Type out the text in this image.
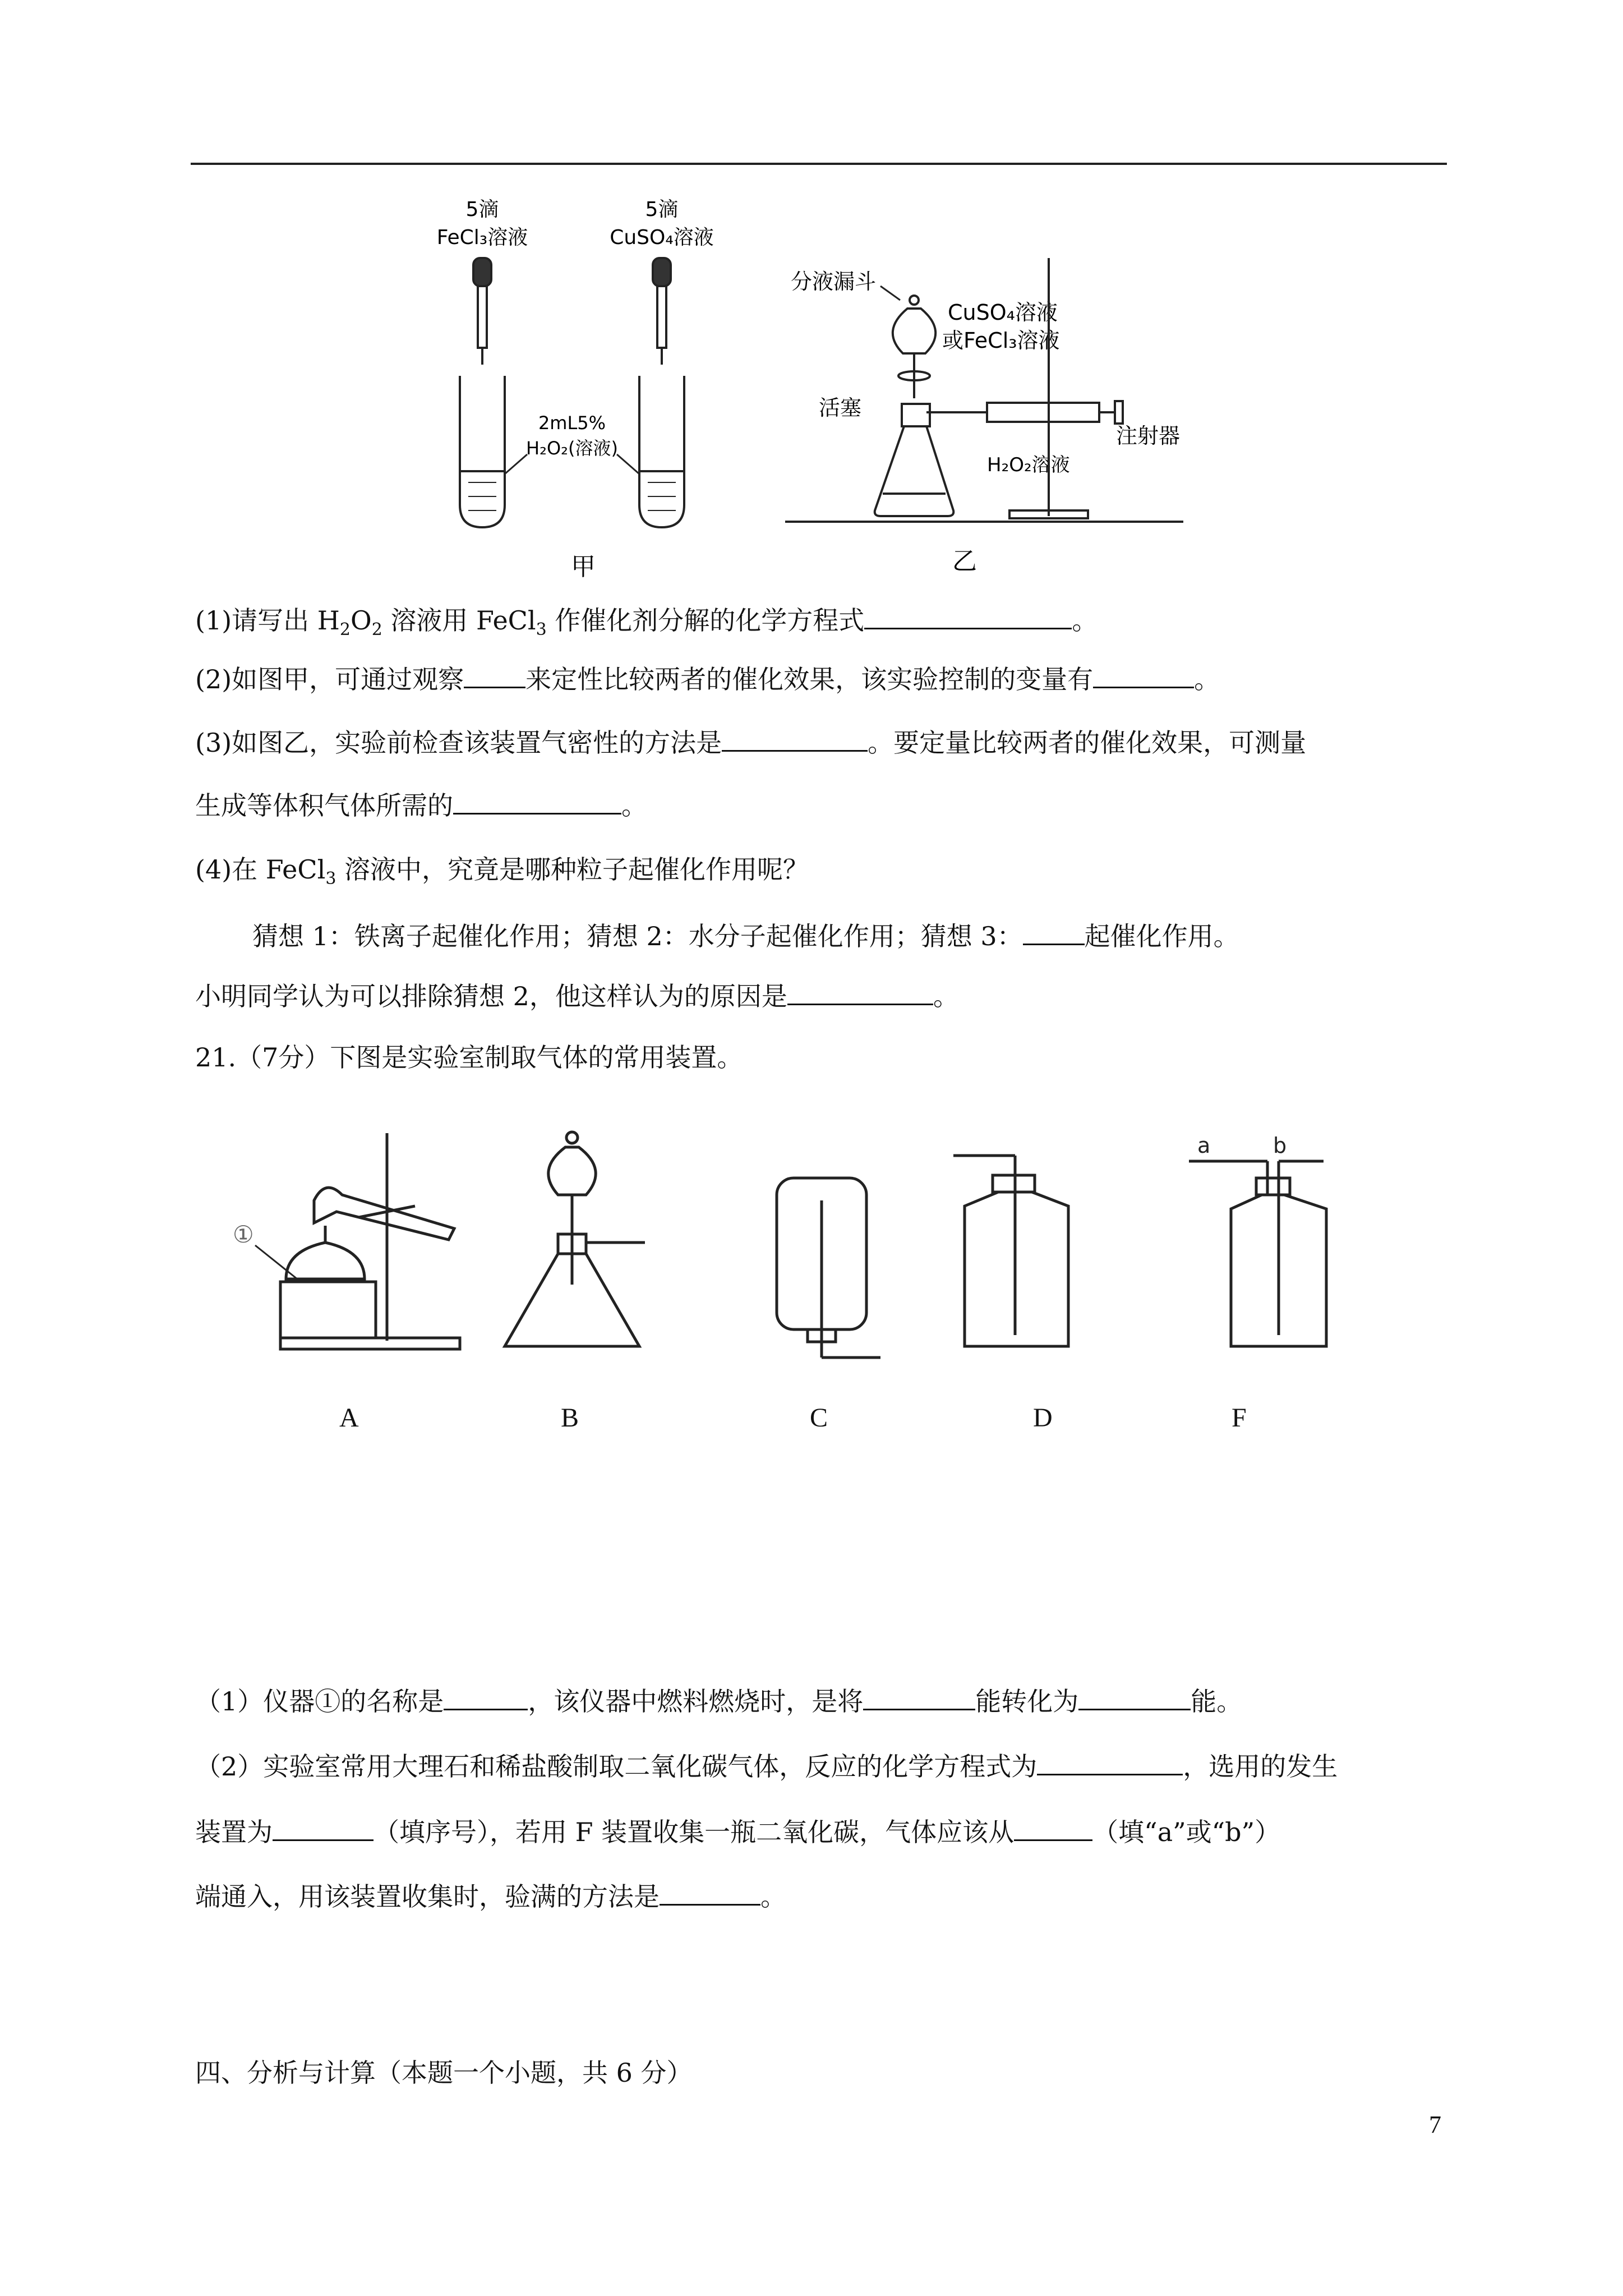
5滴
FeCl₃溶液
5滴
CuSO₄溶液
2mL5%
H₂O₂(溶液)
甲
分液漏斗
CuSO₄溶液
或FeCl₃溶液
活塞
注射器
H₂O₂溶液
乙
(1)请写出 $H_2O_2$ 溶液用 FeCl$_3$ 作催化剂分解的化学方程式	。
(2)如图甲，可通过观察 来定性比较两者的催化效果，该实验控制的变量有	。
(3)如图乙，实验前检查该装置气密性的方法是	。要定量比较两者的催化效果，可测量
生成等体积气体所需的	。
(4)在 FeCl$_3$ 溶液中，究竟是哪种粒子起催化作用呢？
猜想 1：铁离子起催化作用；猜想 2：水分子起催化作用；猜想 3： 起催化作用。
小明同学认为可以排除猜想 2，他这样认为的原因是	。
21.（7分）下图是实验室制取气体的常用装置。
①
a	b
A	B	C	D	F
（1）仪器①的名称是	，该仪器中燃料燃烧时，是将	能转化为	能。
（2）实验室常用大理石和稀盐酸制取二氧化碳气体，反应的化学方程式为	，选用的发生
装置为	（填序号），若用 F 装置收集一瓶二氧化碳，气体应该从	（填“a”或“b”）
端通入，用该装置收集时，验满的方法是	。
四、分析与计算（本题一个小题，共 6 分）
7
